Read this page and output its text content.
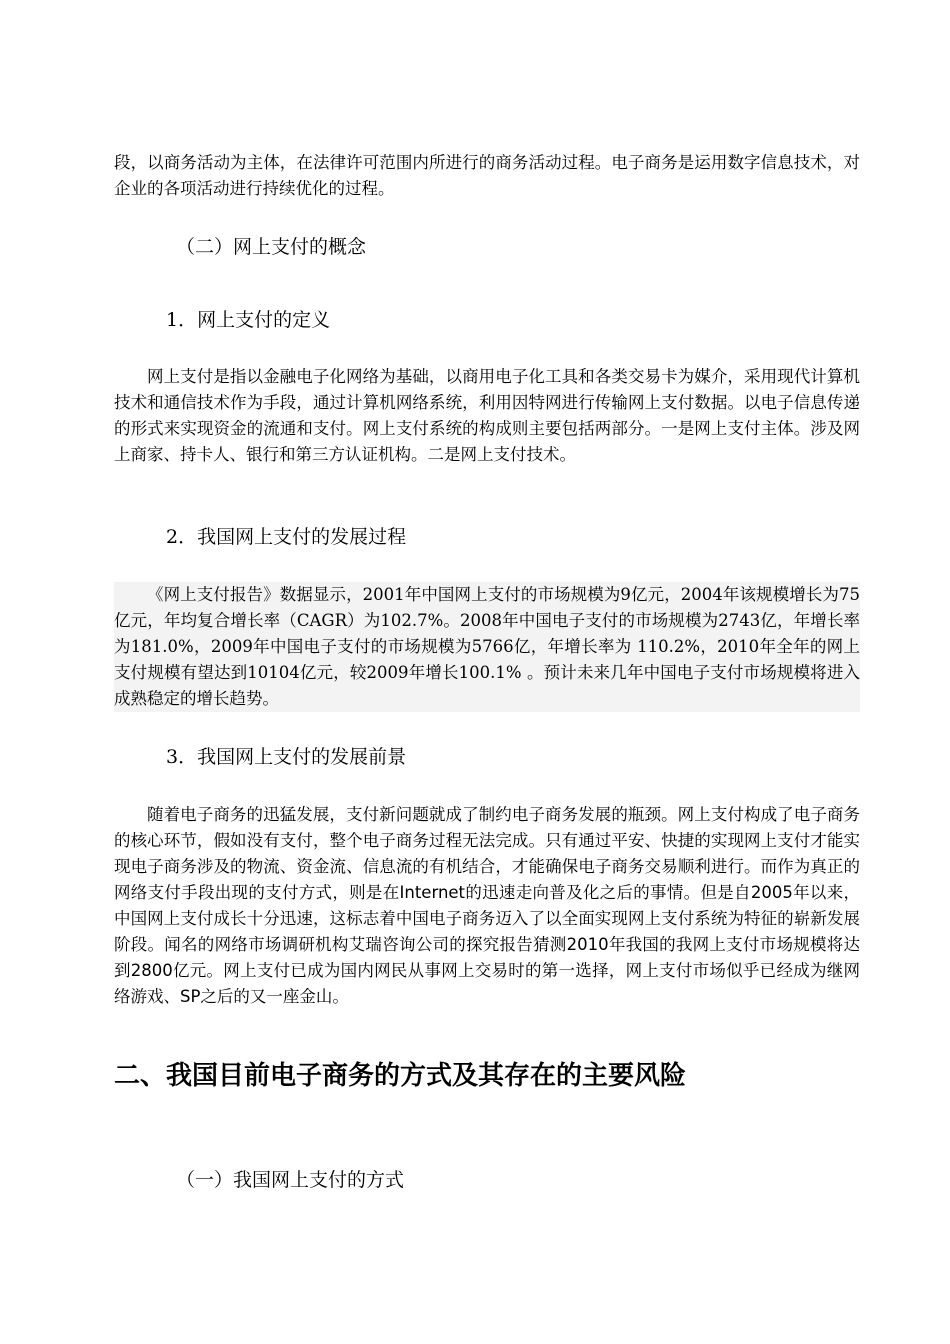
段，以商务活动为主体，在法律许可范围内所进行的商务活动过程。电子商务是运用数字信息技术，对企业的各项活动进行持续优化的过程。

（二）网上支付的概念

1．网上支付的定义

网上支付是指以金融电子化网络为基础，以商用电子化工具和各类交易卡为媒介，采用现代计算机技术和通信技术作为手段，通过计算机网络系统，利用因特网进行传输网上支付数据。以电子信息传递的形式来实现资金的流通和支付。网上支付系统的构成则主要包括两部分。一是网上支付主体。涉及网上商家、持卡人、银行和第三方认证机构。二是网上支付技术。

2．我国网上支付的发展过程

《网上支付报告》数据显示，2001年中国网上支付的市场规模为9亿元，2004年该规模增长为75亿元，年均复合增长率（CAGR）为102.7%。2008年中国电子支付的市场规模为2743亿，年增长率为181.0%，2009年中国电子支付的市场规模为5766亿，年增长率为 110.2%，2010年全年的网上支付规模有望达到10104亿元，较2009年增长100.1% 。预计未来几年中国电子支付市场规模将进入成熟稳定的增长趋势。

3．我国网上支付的发展前景

随着电子商务的迅猛发展，支付新问题就成了制约电子商务发展的瓶颈。网上支付构成了电子商务的核心环节，假如没有支付，整个电子商务过程无法完成。只有通过平安、快捷的实现网上支付才能实现电子商务涉及的物流、资金流、信息流的有机结合，才能确保电子商务交易顺利进行。而作为真正的网络支付手段出现的支付方式，则是在Internet的迅速走向普及化之后的事情。但是自2005年以来，中国网上支付成长十分迅速，这标志着中国电子商务迈入了以全面实现网上支付系统为特征的崭新发展阶段。闻名的网络市场调研机构艾瑞咨询公司的探究报告猜测2010年我国的我网上支付市场规模将达到2800亿元。网上支付已成为国内网民从事网上交易时的第一选择，网上支付市场似乎已经成为继网络游戏、SP之后的又一座金山。

二、我国目前电子商务的方式及其存在的主要风险

（一）我国网上支付的方式
